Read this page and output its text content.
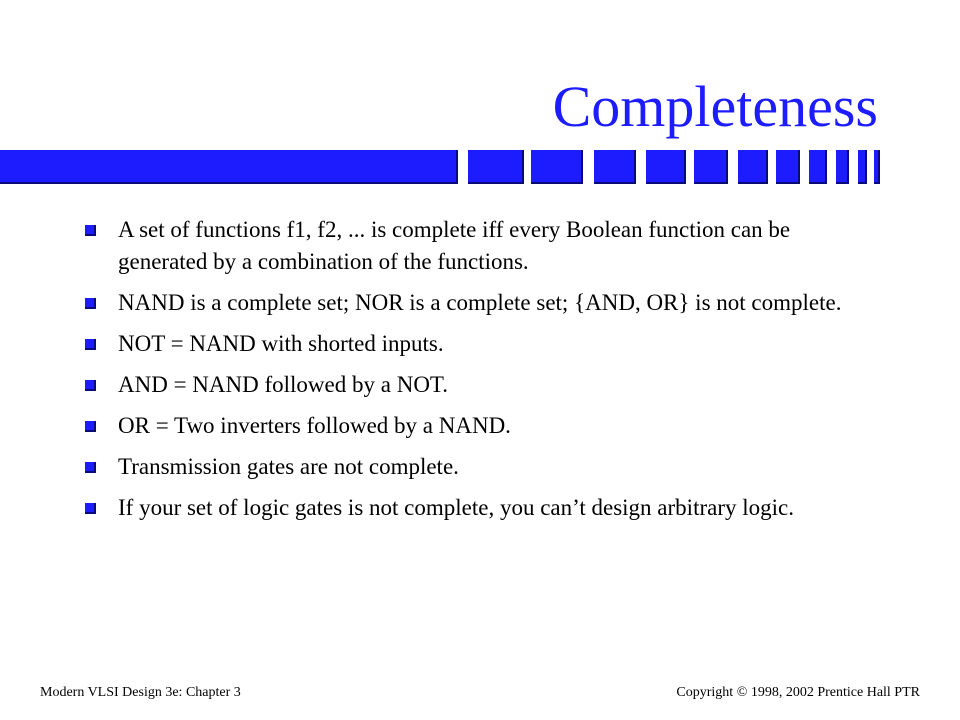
Completeness
A set of functions f1, f2, ... is complete iff every Boolean function can be generated by a combination of the functions.
NAND is a complete set; NOR is a complete set; {AND, OR} is not complete.
NOT = NAND with shorted inputs.
AND = NAND followed by a NOT.
OR = Two inverters followed by a NAND.
Transmission gates are not complete.
If your set of logic gates is not complete, you can’t design arbitrary logic.
Modern VLSI Design 3e: Chapter 3	Copyright © 1998, 2002 Prentice Hall PTR
